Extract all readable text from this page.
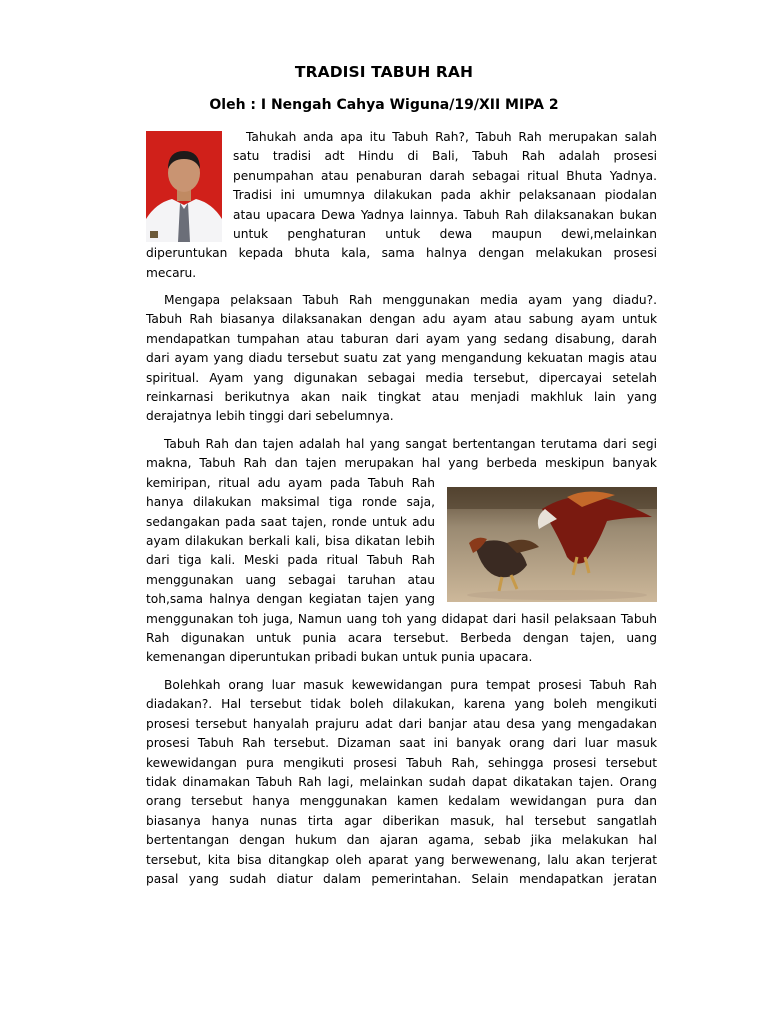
TRADISI TABUH RAH
Oleh : I Nengah Cahya Wiguna/19/XII MIPA 2
Tahukah anda apa itu Tabuh Rah?, Tabuh Rah merupakan salah
satu tradisi adt Hindu di Bali, Tabuh Rah adalah prosesi
penumpahan atau penaburan darah sebagai ritual Bhuta Yadnya.
Tradisi ini umumnya dilakukan pada akhir pelaksanaan piodalan
atau upacara Dewa Yadnya lainnya. Tabuh Rah dilaksanakan bukan
untuk penghaturan untuk dewa maupun dewi,melainkan
diperuntukan kepada bhuta kala, sama halnya dengan melakukan prosesi
mecaru.
Mengapa pelaksaan Tabuh Rah menggunakan media ayam yang diadu?.
Tabuh Rah biasanya dilaksanakan dengan adu ayam atau sabung ayam untuk
mendapatkan tumpahan atau taburan dari ayam yang sedang disabung, darah
dari ayam yang diadu tersebut suatu zat yang mengandung kekuatan magis atau
spiritual. Ayam yang digunakan sebagai media tersebut, dipercayai setelah
reinkarnasi berikutnya akan naik tingkat atau menjadi makhluk lain yang
derajatnya lebih tinggi dari sebelumnya.
Tabuh Rah dan tajen adalah hal yang sangat bertentangan terutama dari segi
makna, Tabuh Rah dan tajen merupakan hal yang berbeda meskipun banyak
kemiripan, ritual adu ayam pada Tabuh Rah
hanya dilakukan maksimal tiga ronde saja,
sedangakan pada saat tajen, ronde untuk adu
ayam dilakukan berkali kali, bisa dikatan lebih
dari tiga kali. Meski pada ritual Tabuh Rah
menggunakan uang sebagai taruhan atau
toh,sama halnya dengan kegiatan tajen yang
menggunakan toh juga, Namun uang toh yang didapat dari hasil pelaksaan Tabuh
Rah digunakan untuk punia acara tersebut. Berbeda dengan tajen, uang
kemenangan diperuntukan pribadi bukan untuk punia upacara.
Bolehkah orang luar masuk kewewidangan pura tempat prosesi Tabuh Rah
diadakan?. Hal tersebut tidak boleh dilakukan, karena yang boleh mengikuti
prosesi tersebut hanyalah prajuru adat dari banjar atau desa yang mengadakan
prosesi Tabuh Rah tersebut. Dizaman saat ini banyak orang dari luar masuk
kewewidangan pura mengikuti prosesi Tabuh Rah, sehingga prosesi tersebut
tidak dinamakan Tabuh Rah lagi, melainkan sudah dapat dikatakan tajen. Orang
orang tersebut hanya menggunakan kamen kedalam wewidangan pura dan
biasanya hanya nunas tirta agar diberikan masuk, hal tersebut sangatlah
bertentangan dengan hukum dan ajaran agama, sebab jika melakukan hal
tersebut, kita bisa ditangkap oleh aparat yang berwewenang, lalu akan terjerat
pasal yang sudah diatur dalam pemerintahan. Selain mendapatkan jeratan
